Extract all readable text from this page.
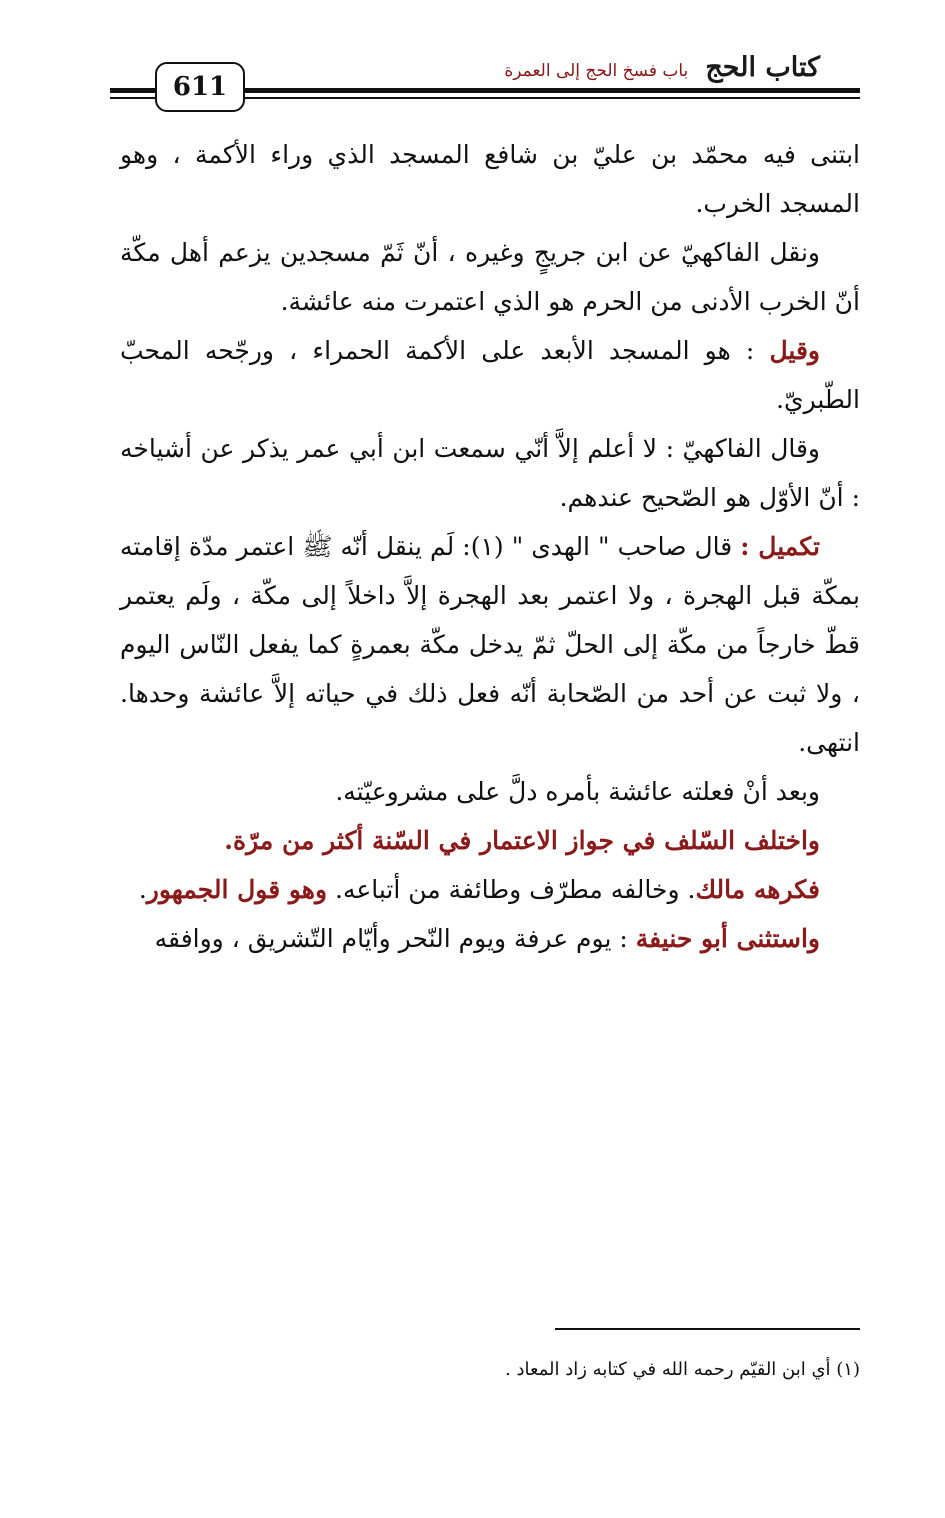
كتاب الحج باب فسخ الحج إلى العمرة
611

ابتنى فيه محمّد بن عليّ بن شافع المسجد الذي وراء الأكمة ، وهو المسجد الخرب.

ونقل الفاكهيّ عن ابن جريجٍ وغيره ، أنّ ثَمّ مسجدين يزعم أهل مكّة أنّ الخرب الأدنى من الحرم هو الذي اعتمرت منه عائشة.

وقيل : هو المسجد الأبعد على الأكمة الحمراء ، ورجّحه المحبّ الطّبريّ.

وقال الفاكهيّ : لا أعلم إلاَّ أنّي سمعت ابن أبي عمر يذكر عن أشياخه : أنّ الأوّل هو الصّحيح عندهم.

تكميل : قال صاحب " الهدى " (١): لَم ينقل أنّه ﷺ اعتمر مدّة إقامته بمكّة قبل الهجرة ، ولا اعتمر بعد الهجرة إلاَّ داخلاً إلى مكّة ، ولَم يعتمر قطّ خارجاً من مكّة إلى الحلّ ثمّ يدخل مكّة بعمرةٍ كما يفعل النّاس اليوم ، ولا ثبت عن أحد من الصّحابة أنّه فعل ذلك في حياته إلاَّ عائشة وحدها. انتهى.

وبعد أنْ فعلته عائشة بأمره دلَّ على مشروعيّته.

واختلف السّلف في جواز الاعتمار في السّنة أكثر من مرّة.

فكرهه مالك. وخالفه مطرّف وطائفة من أتباعه. وهو قول الجمهور.

واستثنى أبو حنيفة : يوم عرفة ويوم النّحر وأيّام التّشريق ، ووافقه

(١) أي ابن القيّم رحمه الله في كتابه زاد المعاد .
